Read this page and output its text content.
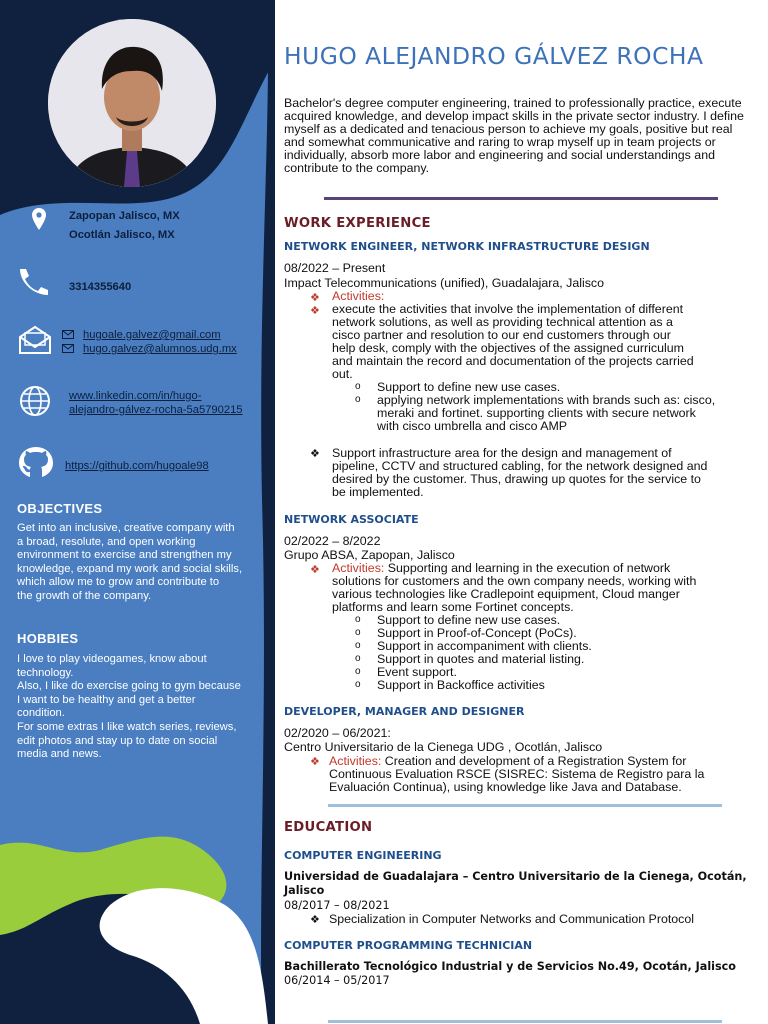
Zapopan Jalisco, MX
Ocotlán Jalisco, MX
3314355640
hugoale.galvez@gmail.com
hugo.galvez@alumnos.udg.mx
www.linkedin.com/in/hugo-
alejandro-gálvez-rocha-5a5790215
https://github.com/hugoale98
OBJECTIVES
Get into an inclusive, creative company with
a broad, resolute, and open working
environment to exercise and strengthen my
knowledge, expand my work and social skills,
which allow me to grow and contribute to
the growth of the company.
HOBBIES
I love to play videogames, know about
technology.
Also, I like do exercise going to gym because
I want to be healthy and get a better
condition.
For some extras I like watch series, reviews,
edit photos and stay up to date on social
media and news.
HUGO ALEJANDRO GÁLVEZ ROCHA
Bachelor's degree computer engineering, trained to professionally practice, execute acquired knowledge, and develop impact skills in the private sector industry. I define myself as a dedicated and tenacious person to achieve my goals, positive but real and somewhat communicative and raring to wrap myself up in team projects or individually, absorb more labor and engineering and social understandings and contribute to the company.
WORK EXPERIENCE
NETWORK ENGINEER, NETWORK INFRASTRUCTURE DESIGN
08/2022 – Present
Impact Telecommunications (unified), Guadalajara, Jalisco
❖ Activities:
❖ execute the activities that involve the implementation of different
network solutions, as well as providing technical attention as a
cisco partner and resolution to our end customers through our
help desk, comply with the objectives of the assigned curriculum
and maintain the record and documentation of the projects carried
out.
o Support to define new use cases.
o applying network implementations with brands such as: cisco,
meraki and fortinet. supporting clients with secure network
with cisco umbrella and cisco AMP
❖ Support infrastructure area for the design and management of
pipeline, CCTV and structured cabling, for the network designed and
desired by the customer. Thus, drawing up quotes for the service to
be implemented.
NETWORK ASSOCIATE
02/2022 – 8/2022
Grupo ABSA, Zapopan, Jalisco
❖ Activities: Supporting and learning in the execution of network
solutions for customers and the own company needs, working with
various technologies like Cradlepoint equipment, Cloud manger
platforms and learn some Fortinet concepts.
o Support to define new use cases.
o Support in Proof-of-Concept (PoCs).
o Support in accompaniment with clients.
o Support in quotes and material listing.
o Event support.
o Support in Backoffice activities
DEVELOPER, MANAGER AND DESIGNER
02/2020 – 06/2021:
Centro Universitario de la Cienega UDG , Ocotlán, Jalisco
❖ Activities: Creation and development of a Registration System for
Continuous Evaluation RSCE (SISREC: Sistema de Registro para la
Evaluación Continua), using knowledge like Java and Database.
EDUCATION
COMPUTER ENGINEERING
Universidad de Guadalajara – Centro Universitario de la Cienega, Ocotán,
Jalisco
08/2017 – 08/2021
❖ Specialization in Computer Networks and Communication Protocol
COMPUTER PROGRAMMING TECHNICIAN
Bachillerato Tecnológico Industrial y de Servicios No.49, Ocotán, Jalisco
06/2014 – 05/2017
